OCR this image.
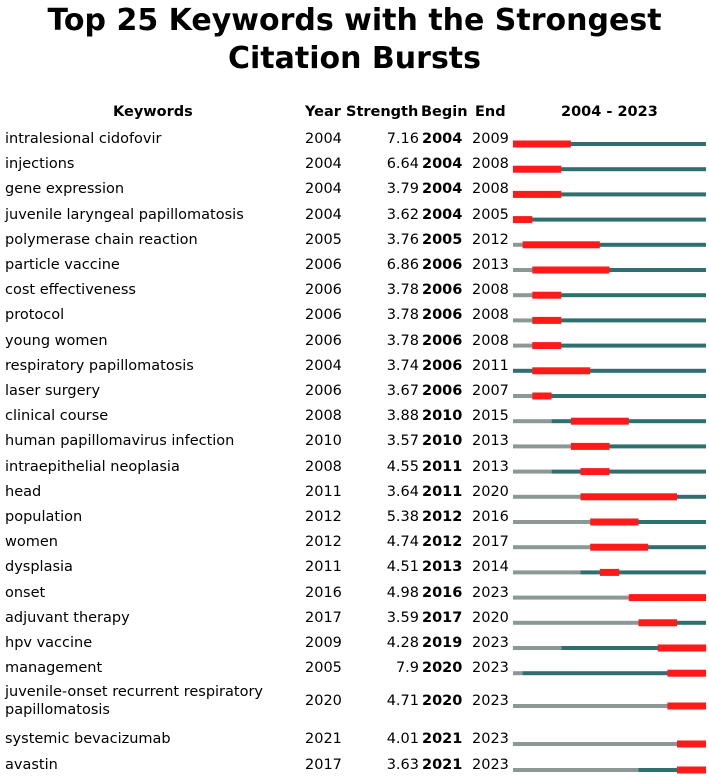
Top 25 Keywords with the Strongest
Citation Bursts
Keywords	Year Strength Begin End	2004 - 2023
intralesional cidofovir	2004	7.16 2004 2009
injections	2004	6.64 2004 2008
gene expression	2004	3.79 2004 2008
juvenile laryngeal papillomatosis	2004	3.62 2004 2005
polymerase chain reaction	2005	3.76 2005 2012
particle vaccine	2006	6.86 2006 2013
cost effectiveness	2006	3.78 2006 2008
protocol	2006	3.78 2006 2008
young women	2006	3.78 2006 2008
respiratory papillomatosis	2004	3.74 2006 2011
laser surgery	2006	3.67 2006 2007
clinical course	2008	3.88 2010 2015
human papillomavirus infection	2010	3.57 2010 2013
intraepithelial neoplasia	2008	4.55 2011 2013
head	2011	3.64 2011 2020
population	2012	5.38 2012 2016
women	2012	4.74 2012 2017
dysplasia	2011	4.51 2013 2014
onset	2016	4.98 2016 2023
adjuvant therapy	2017	3.59 2017 2020
hpv vaccine	2009	4.28 2019 2023
management	2005	7.9 2020 2023
juvenile-onset recurrent respiratory papillomatosis
2020	4.71 2020 2023
systemic bevacizumab	2021	4.01 2021 2023
avastin	2017	3.63 2021 2023
